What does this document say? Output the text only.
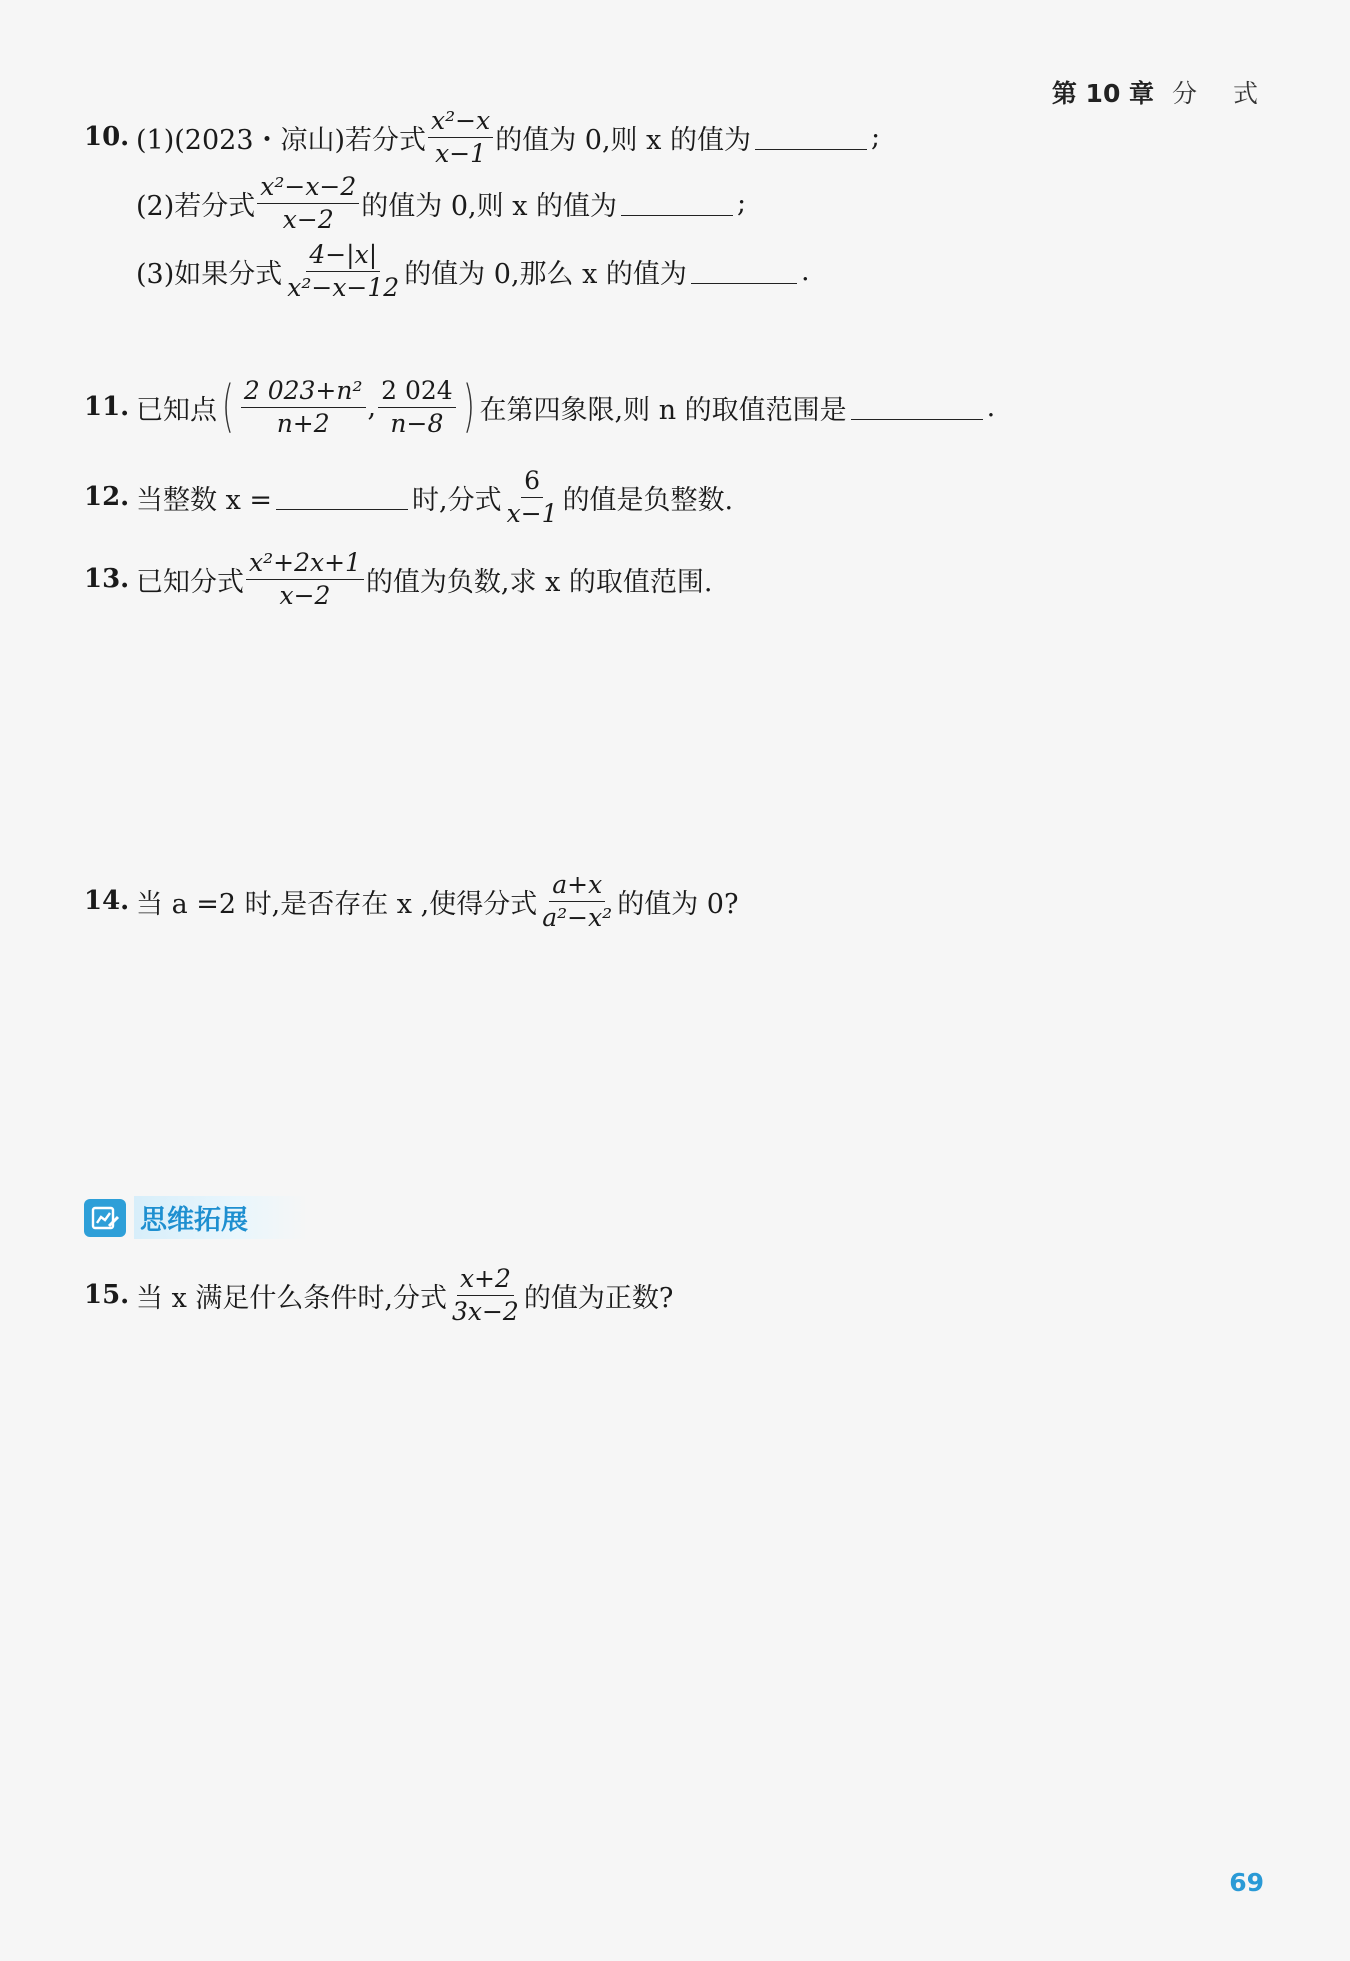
第 10 章 分 式
10. (1)(2023・凉山)若分式 $\frac{\text{x²−x}}{x-1}$ 的值为 0,则 x 的值为	;
(2)若分式 $\frac{\text{x²−x−2}}{x-2}$ 的值为 0,则 x 的值为	;
(3)如果分式 $\frac{4-|x|}{\text{x²−x−12}}$ 的值为 0,那么 x 的值为	.
11. 已知点 ( $\frac{\text{2 023+n²}}{n+2}$ , $\frac{2 024}{n-8}$ ) 在第四象限,则 n 的取值范围是	.
12. 当整数 x =	时,分式 $\frac{6}{x-1}$ 的值是负整数.
13. 已知分式 $\frac{\text{x²+2x+1}}{x-2}$ 的值为负数,求 x 的取值范围.
14. 当 a =2 时,是否存在 x ,使得分式 $\frac{a+x}{\text{a²−x²}}$ 的值为 0?
思维拓展
15. 当 x 满足什么条件时,分式 $\frac{x+2}{3x-2}$ 的值为正数?
69
